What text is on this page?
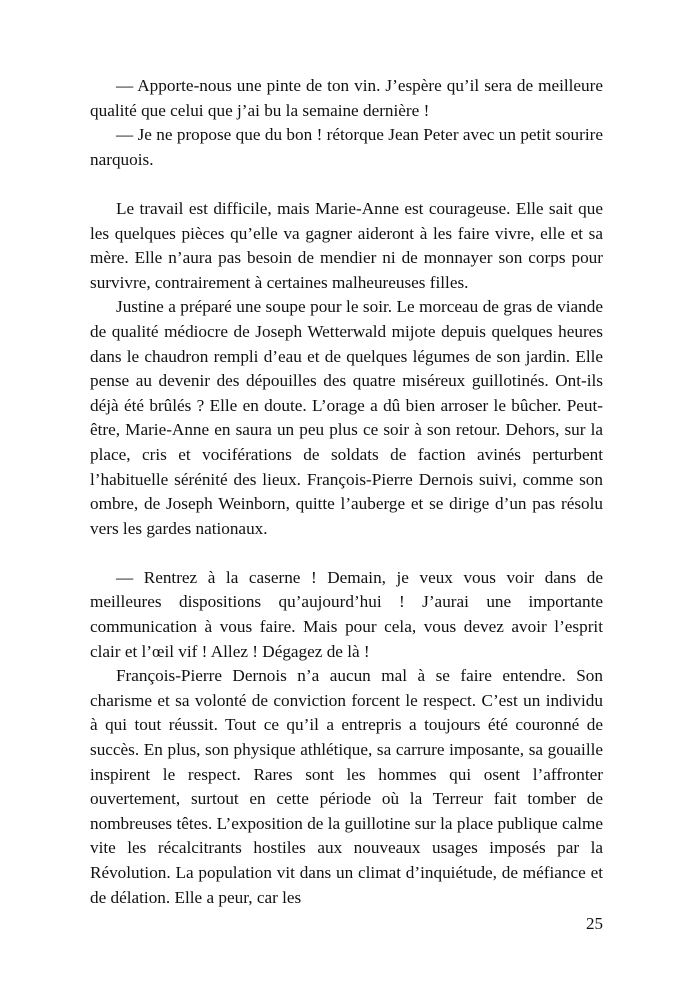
— Apporte-nous une pinte de ton vin. J’espère qu’il sera de meilleure qualité que celui que j’ai bu la semaine dernière !

— Je ne propose que du bon ! rétorque Jean Peter avec un petit sourire narquois.

Le travail est difficile, mais Marie-Anne est courageuse. Elle sait que les quelques pièces qu’elle va gagner aideront à les faire vivre, elle et sa mère. Elle n’aura pas besoin de mendier ni de monnayer son corps pour survivre, contrairement à certaines malheureuses filles.

Justine a préparé une soupe pour le soir. Le morceau de gras de viande de qualité médiocre de Joseph Wetterwald mijote depuis quelques heures dans le chaudron rempli d’eau et de quelques légumes de son jardin. Elle pense au devenir des dépouilles des quatre miséreux guillotinés. Ont-ils déjà été brûlés ? Elle en doute. L’orage a dû bien arroser le bûcher. Peut-être, Marie-Anne en saura un peu plus ce soir à son retour. Dehors, sur la place, cris et vociférations de soldats de faction avinés perturbent l’habituelle sérénité des lieux. François-Pierre Dernois suivi, comme son ombre, de Joseph Weinborn, quitte l’auberge et se dirige d’un pas résolu vers les gardes nationaux.

— Rentrez à la caserne ! Demain, je veux vous voir dans de meilleures dispositions qu’aujourd’hui ! J’aurai une importante communication à vous faire. Mais pour cela, vous devez avoir l’esprit clair et l’œil vif ! Allez ! Dégagez de là !

François-Pierre Dernois n’a aucun mal à se faire entendre. Son charisme et sa volonté de conviction forcent le respect. C’est un individu à qui tout réussit. Tout ce qu’il a entrepris a toujours été couronné de succès. En plus, son physique athlétique, sa carrure imposante, sa gouaille inspirent le respect. Rares sont les hommes qui osent l’affronter ouvertement, surtout en cette période où la Terreur fait tomber de nombreuses têtes. L’exposition de la guillotine sur la place publique calme vite les récalcitrants hostiles aux nouveaux usages imposés par la Révolution. La population vit dans un climat d’inquiétude, de méfiance et de délation. Elle a peur, car les

25
